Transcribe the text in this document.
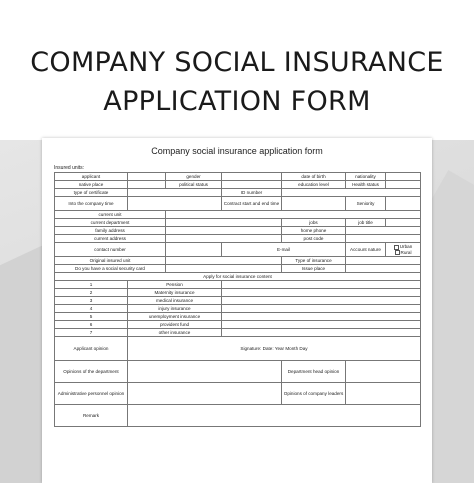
COMPANY SOCIAL INSURANCE
APPLICATION FORM
Company social insurance application form
Insured units:
applicant		gender		date of birth	nationality	
native place		political status		education level	Health status	
type of certificate			ID number			
Into the company time			Contract start and end time		Seniority	
current unit						
current department				jobs	job title	
family address				home phone		
current address				post code		
contact number			E-mail		Account nature	Urban
Rural

Original insured unit				Type of insurance		
Do you have a social security card				Issue place		
Apply for social insurance content						
1	Pension					
2	Maternity insurance					
3	medical insurance					
4	injury insurance					
5	unemployment insurance					
6	provident fund					
7	other insurance					
Applicant opinion	Signature: Date: Year Month Day					
Opinions of the department				Department head opinion		
Administrative personnel opinion				Opinions of company leaders		
Remark						
